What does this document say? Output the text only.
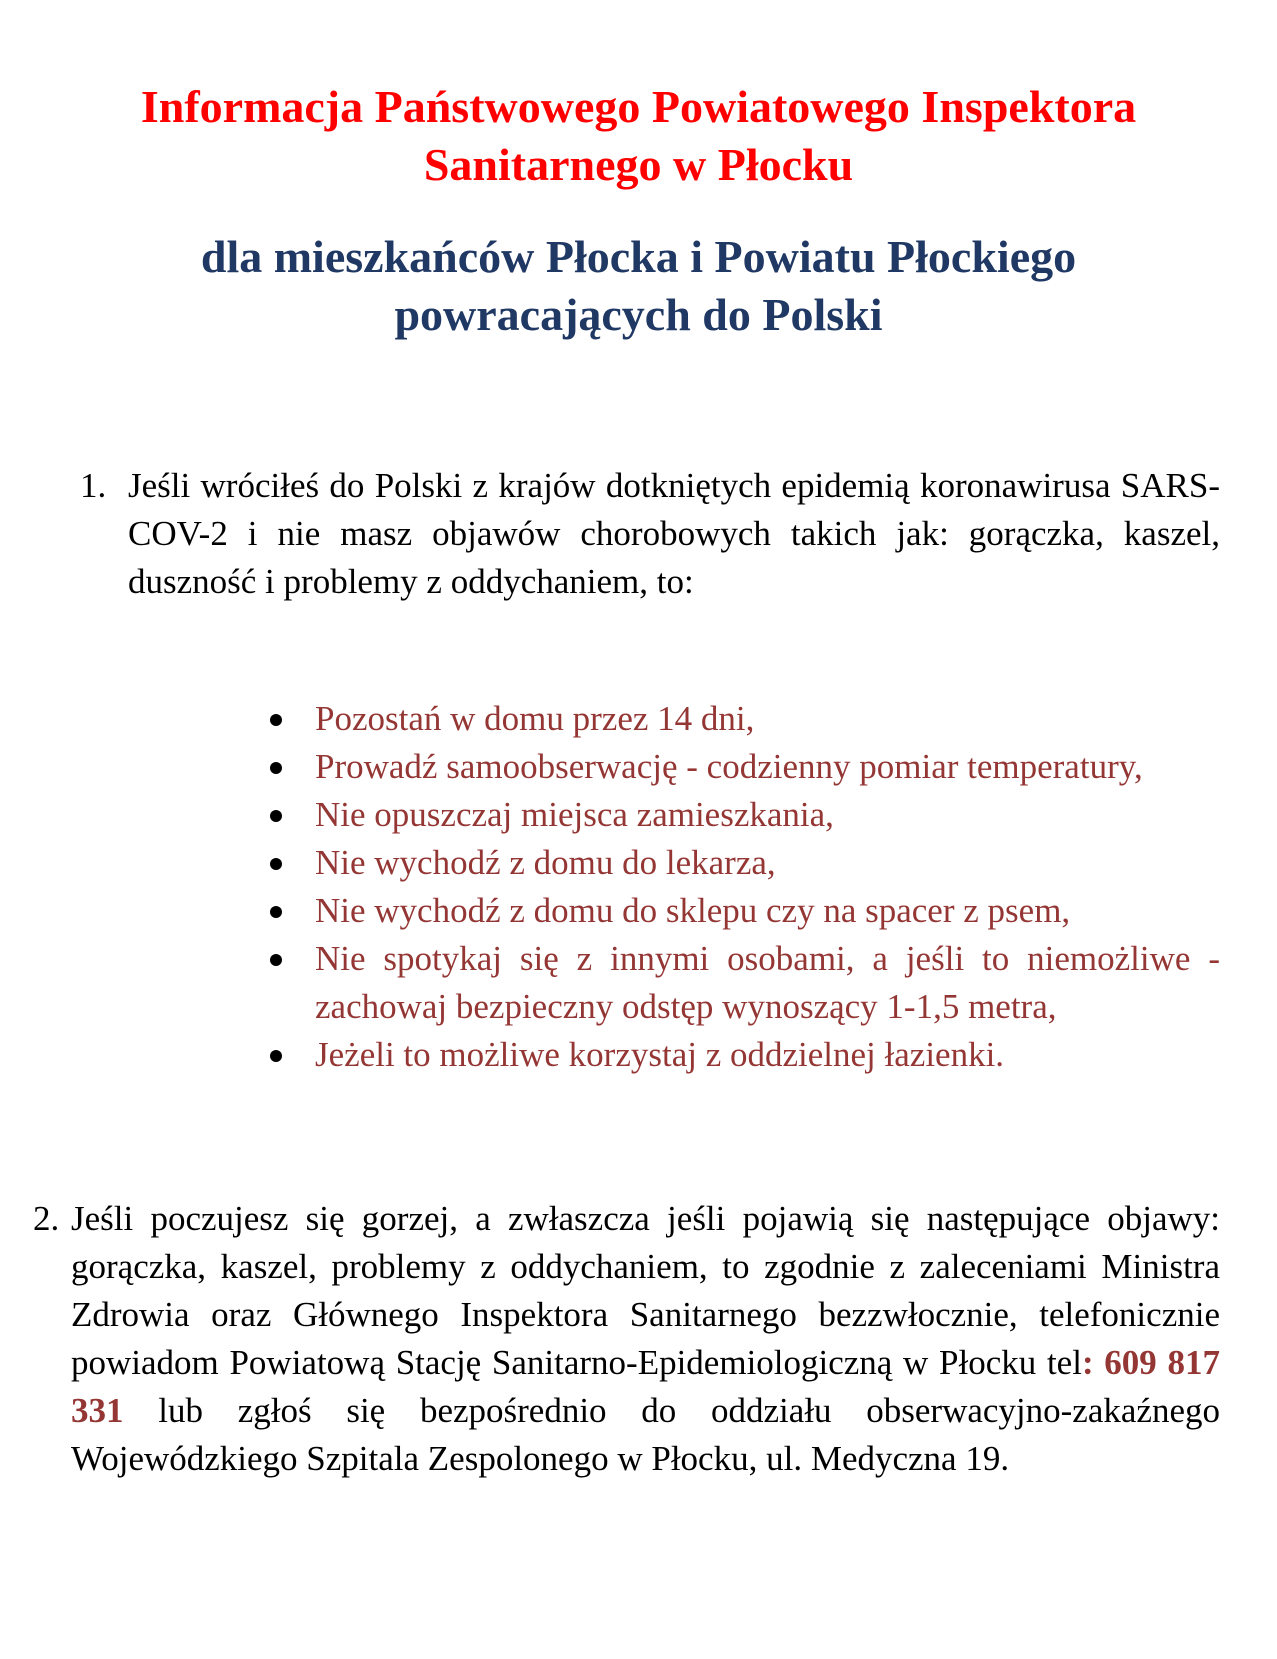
Informacja Państwowego Powiatowego Inspektora
Sanitarnego w Płocku
dla mieszkańców Płocka i Powiatu Płockiego
powracających do Polski
1. Jeśli wróciłeś do Polski z krajów dotkniętych epidemią koronawirusa SARS- COV-2 i nie masz objawów chorobowych takich jak: gorączka, kaszel, duszność i problemy z oddychaniem, to:
Pozostań w domu przez 14 dni,
Prowadź samoobserwację - codzienny pomiar temperatury,
Nie opuszczaj miejsca zamieszkania,
Nie wychodź z domu do lekarza,
Nie wychodź z domu do sklepu czy na spacer z psem,
Nie spotykaj się z innymi osobami, a jeśli to niemożliwe - zachowaj bezpieczny odstęp wynoszący 1-1,5 metra,
Jeżeli to możliwe korzystaj z oddzielnej łazienki.
2. Jeśli poczujesz się gorzej, a zwłaszcza jeśli pojawią się następujące objawy: gorączka, kaszel, problemy z oddychaniem, to zgodnie z zaleceniami Ministra Zdrowia oraz Głównego Inspektora Sanitarnego bezzwłocznie, telefonicznie powiadom Powiatową Stację Sanitarno-Epidemiologiczną w Płocku tel: 609 817 331 lub zgłoś się bezpośrednio do oddziału obserwacyjno-zakaźnego Wojewódzkiego Szpitala Zespolonego w Płocku, ul. Medyczna 19.
